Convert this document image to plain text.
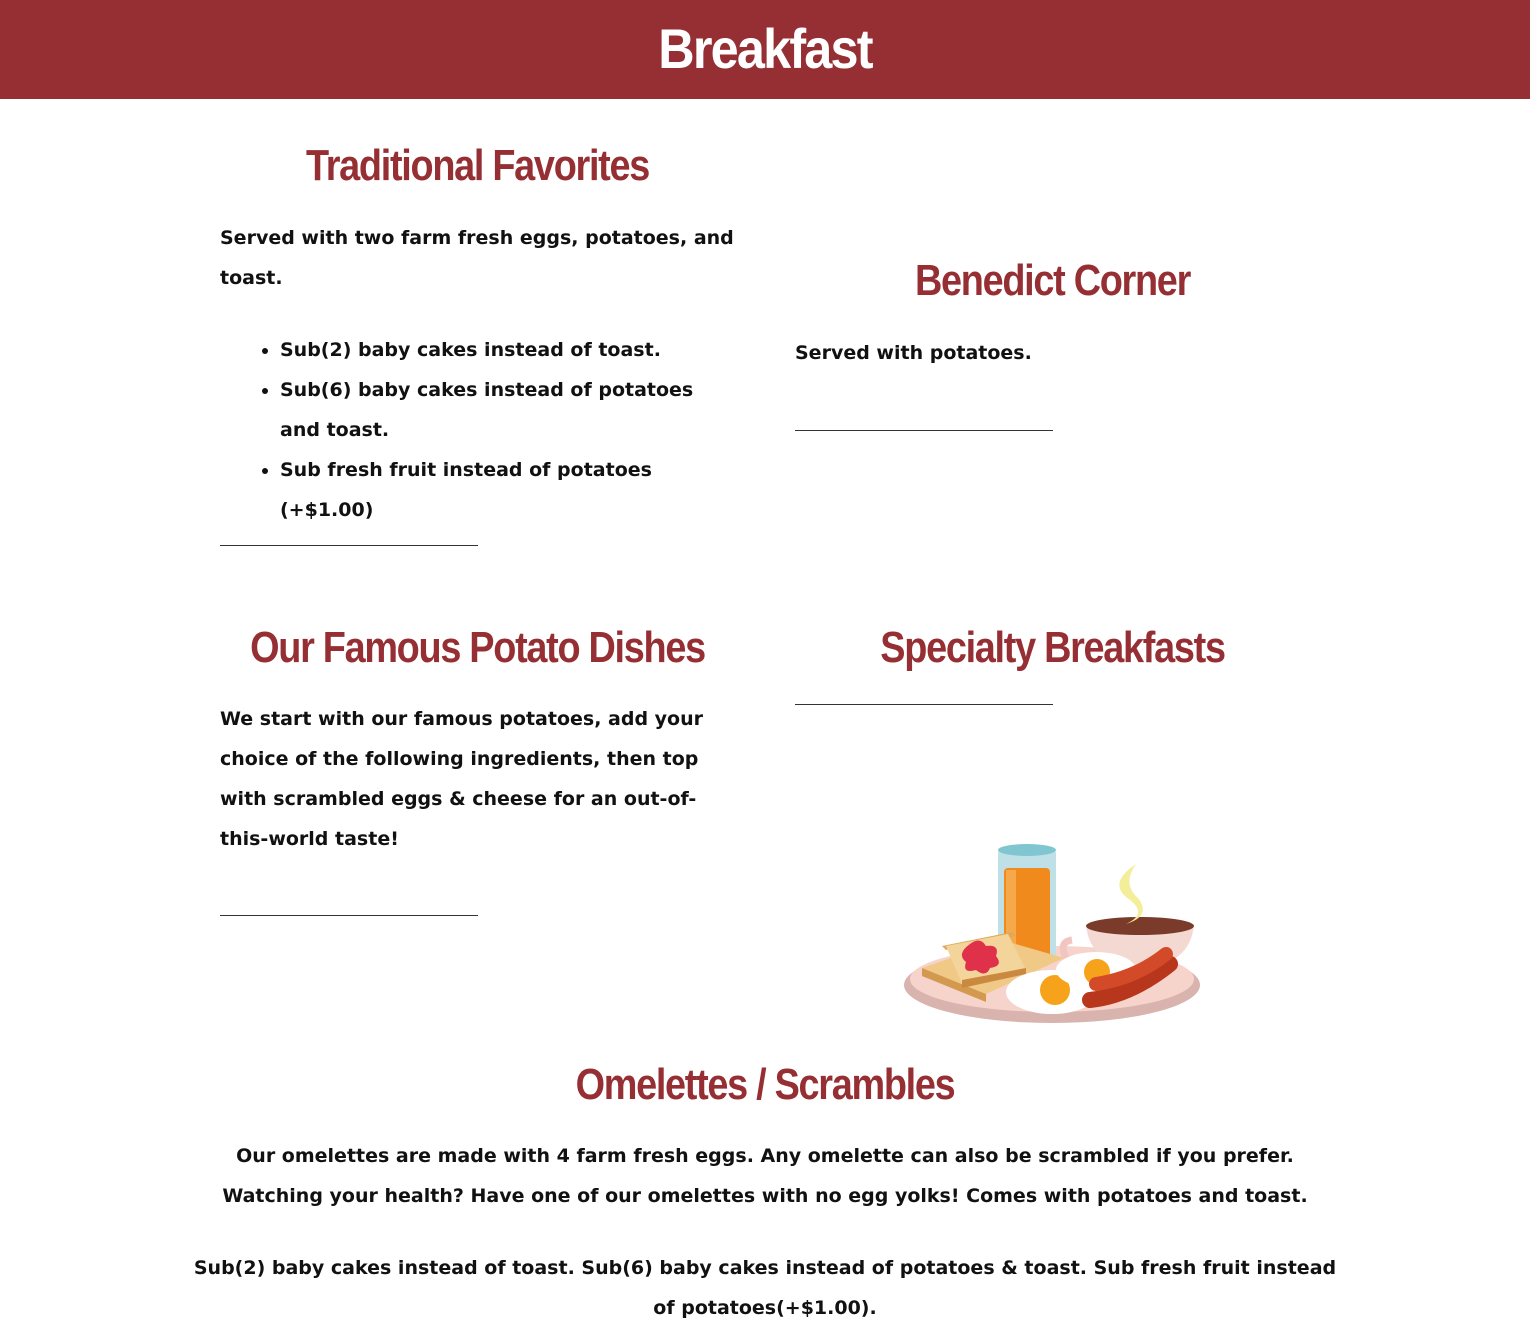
Breakfast
Traditional Favorites

Served with two farm fresh eggs, potatoes, and toast.

• Sub(2) baby cakes instead of toast.
• Sub(6) baby cakes instead of potatoes and toast.
• Sub fresh fruit instead of potatoes (+$1.00)
Benedict Corner

Served with potatoes.

Our Famous Potato Dishes

We start with our famous potatoes, add your choice of the following ingredients, then top with scrambled eggs & cheese for an out-of-this-world taste!

Specialty Breakfasts
Omelettes / Scrambles

Our omelettes are made with 4 farm fresh eggs. Any omelette can also be scrambled if you prefer. Watching your health? Have one of our omelettes with no egg yolks! Comes with potatoes and toast.

Sub(2) baby cakes instead of toast. Sub(6) baby cakes instead of potatoes & toast. Sub fresh fruit instead of potatoes(+$1.00).
